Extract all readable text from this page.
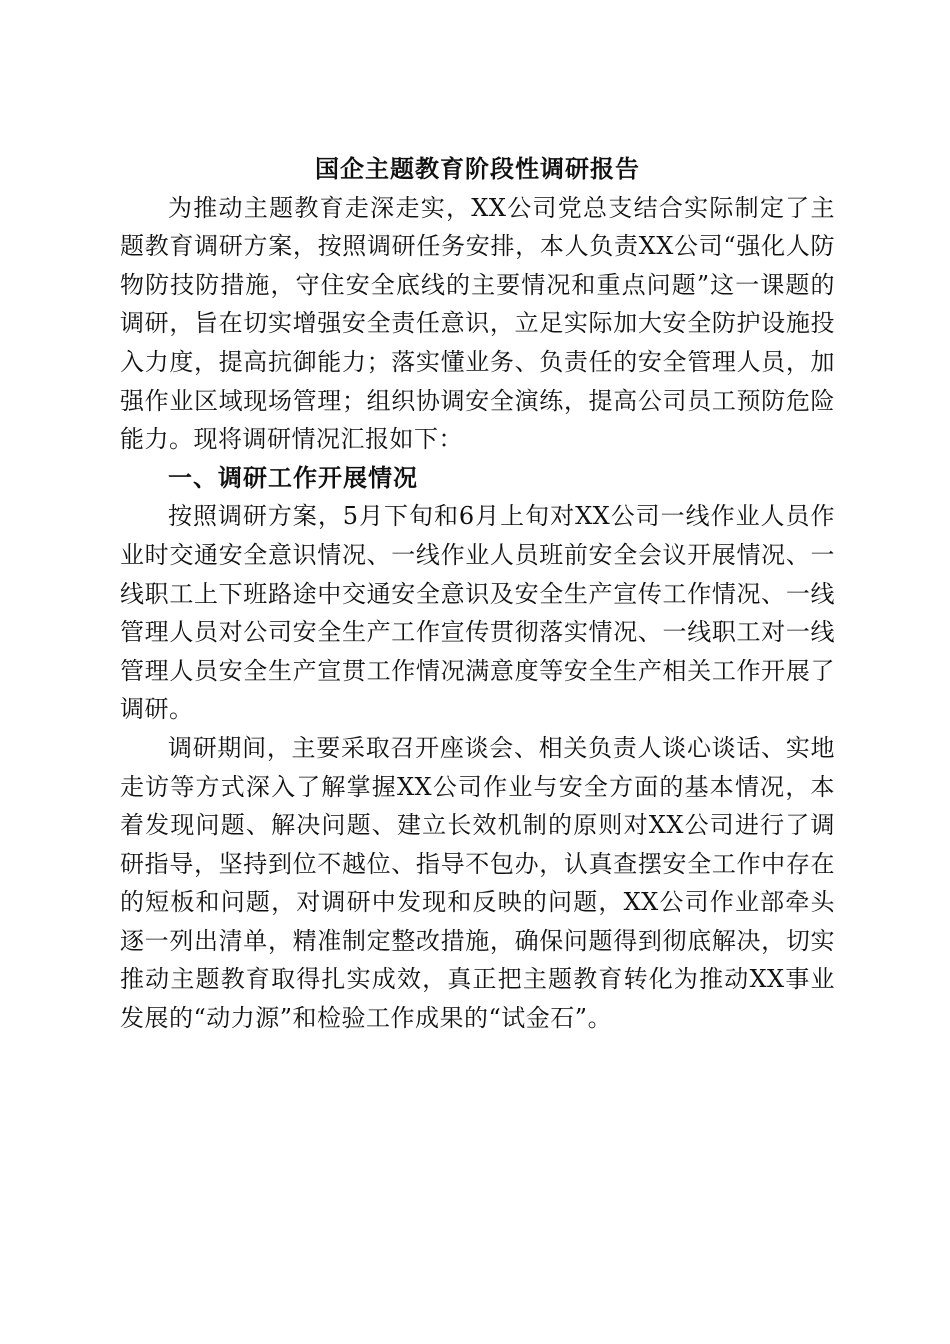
国企主题教育阶段性调研报告

为推动主题教育走深走实，XX公司党总支结合实际制定了主题教育调研方案，按照调研任务安排，本人负责XX公司“强化人防物防技防措施，守住安全底线的主要情况和重点问题”这一课题的调研，旨在切实增强安全责任意识，立足实际加大安全防护设施投入力度，提高抗御能力；落实懂业务、负责任的安全管理人员，加强作业区域现场管理；组织协调安全演练，提高公司员工预防危险能力。现将调研情况汇报如下：

一、调研工作开展情况

按照调研方案，5月下旬和6月上旬对XX公司一线作业人员作业时交通安全意识情况、一线作业人员班前安全会议开展情况、一线职工上下班路途中交通安全意识及安全生产宣传工作情况、一线管理人员对公司安全生产工作宣传贯彻落实情况、一线职工对一线管理人员安全生产宣贯工作情况满意度等安全生产相关工作开展了调研。

调研期间，主要采取召开座谈会、相关负责人谈心谈话、实地走访等方式深入了解掌握XX公司作业与安全方面的基本情况，本着发现问题、解决问题、建立长效机制的原则对XX公司进行了调研指导，坚持到位不越位、指导不包办，认真查摆安全工作中存在的短板和问题，对调研中发现和反映的问题，XX公司作业部牵头逐一列出清单，精准制定整改措施，确保问题得到彻底解决，切实推动主题教育取得扎实成效，真正把主题教育转化为推动XX事业发展的“动力源”和检验工作成果的“试金石”。
